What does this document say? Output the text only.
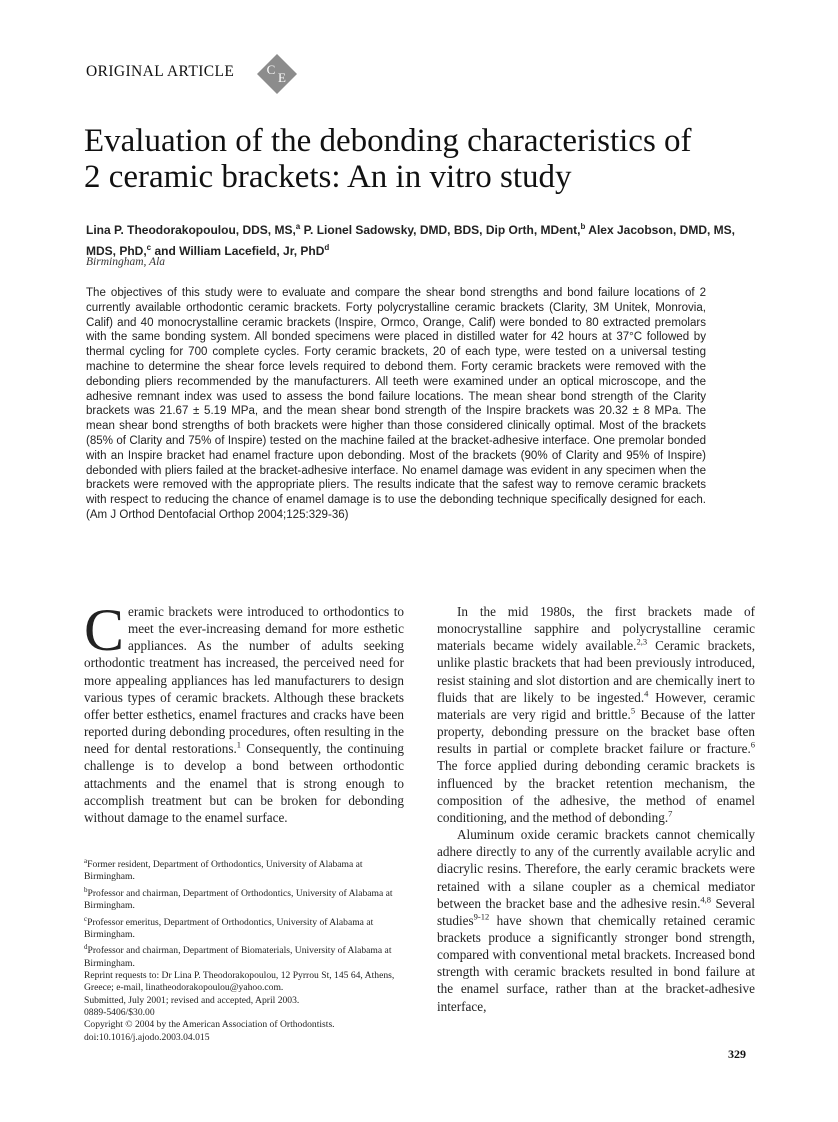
ORIGINAL ARTICLE C
E
Evaluation of the debonding characteristics of
2 ceramic brackets: An in vitro study
Lina P. Theodorakopoulou, DDS, MS,$^a$ P. Lionel Sadowsky, DMD, BDS, Dip Orth, MDent,$^b$ Alex Jacobson, DMD, MS, MDS, PhD,$^c$ and William Lacefield, Jr, PhD$^d$
Birmingham, Ala
The objectives of this study were to evaluate and compare the shear bond strengths and bond failure locations of 2 currently available orthodontic ceramic brackets. Forty polycrystalline ceramic brackets (Clarity, 3M Unitek, Monrovia, Calif) and 40 monocrystalline ceramic brackets (Inspire, Ormco, Orange, Calif) were bonded to 80 extracted premolars with the same bonding system. All bonded specimens were placed in distilled water for 42 hours at 37°C followed by thermal cycling for 700 complete cycles. Forty ceramic brackets, 20 of each type, were tested on a universal testing machine to determine the shear force levels required to debond them. Forty ceramic brackets were removed with the debonding pliers recommended by the manufacturers. All teeth were examined under an optical microscope, and the adhesive remnant index was used to assess the bond failure locations. The mean shear bond strength of the Clarity brackets was 21.67 ± 5.19 MPa, and the mean shear bond strength of the Inspire brackets was 20.32 ± 8 MPa. The mean shear bond strengths of both brackets were higher than those considered clinically optimal. Most of the brackets (85% of Clarity and 75% of Inspire) tested on the machine failed at the bracket-adhesive interface. One premolar bonded with an Inspire bracket had enamel fracture upon debonding. Most of the brackets (90% of Clarity and 95% of Inspire) debonded with pliers failed at the bracket-adhesive interface. No enamel damage was evident in any specimen when the brackets were removed with the appropriate pliers. The results indicate that the safest way to remove ceramic brackets with respect to reducing the chance of enamel damage is to use the debonding technique specifically designed for each. (Am J Orthod Dentofacial Orthop 2004;125:329-36)

Ceramic brackets were introduced to orthodontics to meet the ever-increasing demand for more esthetic appliances. As the number of adults seeking orthodontic treatment has increased, the perceived need for more appealing appliances has led manufacturers to design various types of ceramic brackets. Although these brackets offer better esthetics, enamel fractures and cracks have been reported during debonding procedures, often resulting in the need for dental restorations.$^1$ Consequently, the continuing challenge is to develop a bond between orthodontic attachments and the enamel that is strong enough to accomplish treatment but can be broken for debonding without damage to the enamel surface.

$^a$Former resident, Department of Orthodontics, University of Alabama at Birmingham.
$^b$Professor and chairman, Department of Orthodontics, University of Alabama at Birmingham.
$^c$Professor emeritus, Department of Orthodontics, University of Alabama at Birmingham.
$^d$Professor and chairman, Department of Biomaterials, University of Alabama at Birmingham.
Reprint requests to: Dr Lina P. Theodorakopoulou, 12 Pyrrou St, 145 64, Athens, Greece; e-mail, linatheodorakopoulou@yahoo.com.
Submitted, July 2001; revised and accepted, April 2003.
0889-5406/$30.00
Copyright © 2004 by the American Association of Orthodontists.
doi:10.1016/j.ajodo.2003.04.015

In the mid 1980s, the first brackets made of monocrystalline sapphire and polycrystalline ceramic materials became widely available.$^{2,3}$ Ceramic brackets, unlike plastic brackets that had been previously introduced, resist staining and slot distortion and are chemically inert to fluids that are likely to be ingested.$^4$ However, ceramic materials are very rigid and brittle.$^5$ Because of the latter property, debonding pressure on the bracket base often results in partial or complete bracket failure or fracture.$^6$ The force applied during debonding ceramic brackets is influenced by the bracket retention mechanism, the composition of the adhesive, the method of enamel conditioning, and the method of debonding.$^7$

Aluminum oxide ceramic brackets cannot chemically adhere directly to any of the currently available acrylic and diacrylic resins. Therefore, the early ceramic brackets were retained with a silane coupler as a chemical mediator between the bracket base and the adhesive resin.$^{4,8}$ Several studies$^{9-12}$ have shown that chemically retained ceramic brackets produce a significantly stronger bond strength, compared with conventional metal brackets. Increased bond strength with ceramic brackets resulted in bond failure at the enamel surface, rather than at the bracket-adhesive interface,

329
